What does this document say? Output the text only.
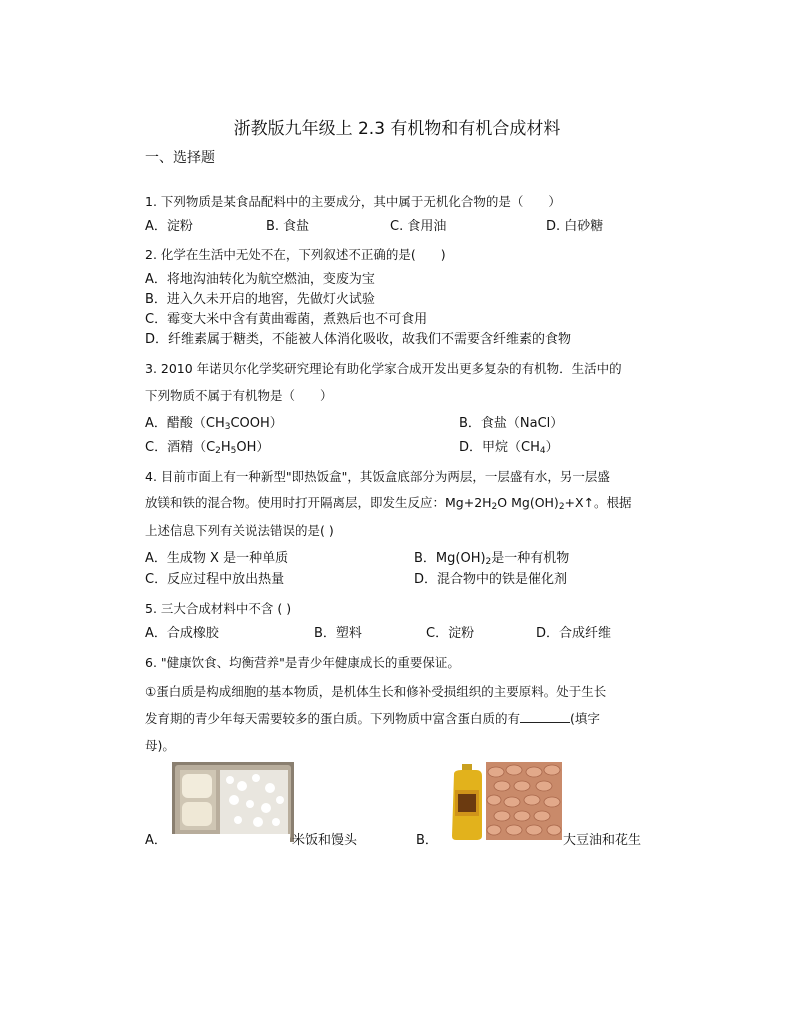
浙教版九年级上 2.3 有机物和有机合成材料
一、选择题
1. 下列物质是某食品配料中的主要成分，其中属于无机化合物的是（　　）
A．淀粉	B. 食盐	C. 食用油	D. 白砂糖
2. 化学在生活中无处不在，下列叙述不正确的是(　　)
A．将地沟油转化为航空燃油，变废为宝
B．进入久未开启的地窖，先做灯火试验
C．霉变大米中含有黄曲霉菌，煮熟后也不可食用
D．纤维素属于糖类，不能被人体消化吸收，故我们不需要含纤维素的食物
3. 2010 年诺贝尔化学奖研究理论有助化学家合成开发出更多复杂的有机物．生活中的
下列物质不属于有机物是（　　）
A．醋酸$(CH_3COOH)$	B．食盐（NaCl）
C．酒精$(C_2H_5OH)$	D．甲烷$(CH_4)$
4. 目前市面上有一种新型"即热饭盒"，其饭盒底部分为两层，一层盛有水，另一层盛
放镁和铁的混合物。使用时打开隔离层，即发生反应：$Mg+2H_2O$ $Mg(OH)_2+X↑$。根据
上述信息下列有关说法错误的是( )
A．生成物 X 是一种单质	B．$Mg(OH)_2$是一种有机物
C．反应过程中放出热量	D．混合物中的铁是催化剂
5. 三大合成材料中不含 ( )
A．合成橡胶	B．塑料	C．淀粉	D．合成纤维
6. "健康饮食、均衡营养"是青少年健康成长的重要保证。
①蛋白质是构成细胞的基本物质，是机体生长和修补受损组织的主要原料。处于生长
发育期的青少年每天需要较多的蛋白质。下列物质中富含蛋白质的有	(填字
母)。
A．	米饭和馒头	B．	大豆油和花生
